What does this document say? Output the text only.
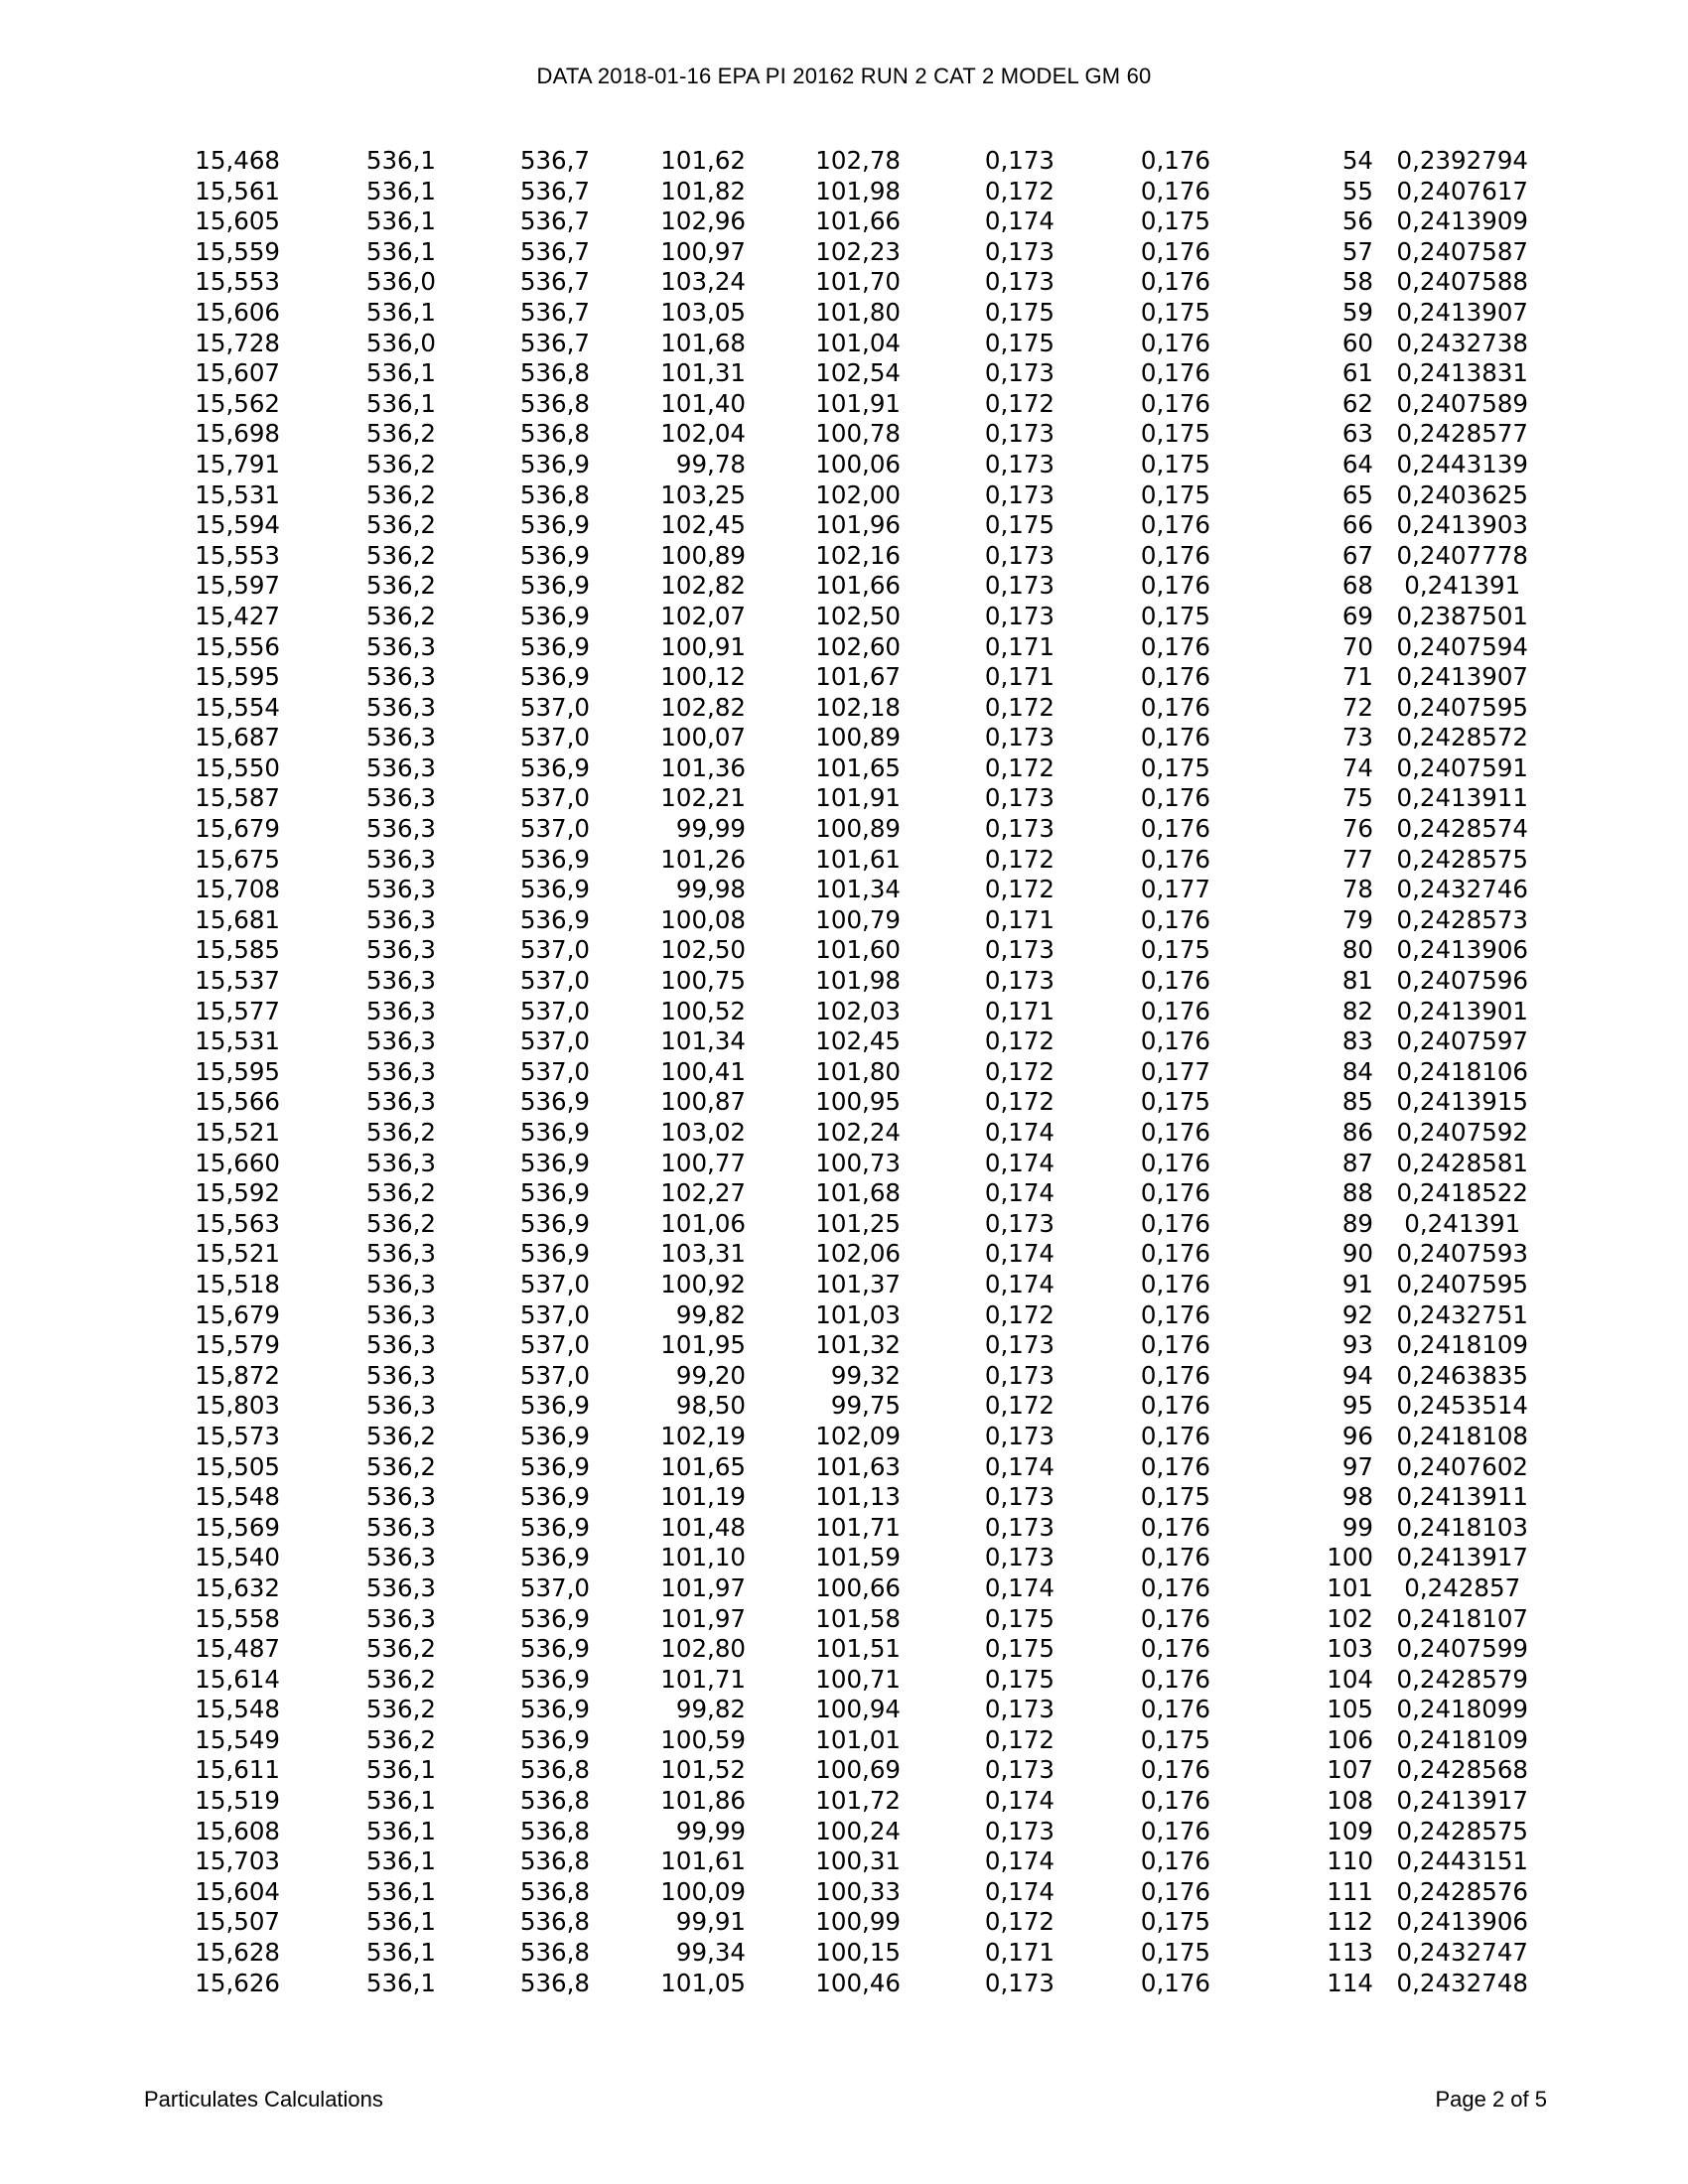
DATA 2018-01-16 EPA PI 20162 RUN 2 CAT 2 MODEL GM 60
15,468	536,1	536,7	101,62	102,78	0,173	0,176	54	0,2392794
15,561	536,1	536,7	101,82	101,98	0,172	0,176	55	0,2407617
15,605	536,1	536,7	102,96	101,66	0,174	0,175	56	0,2413909
15,559	536,1	536,7	100,97	102,23	0,173	0,176	57	0,2407587
15,553	536,0	536,7	103,24	101,70	0,173	0,176	58	0,2407588
15,606	536,1	536,7	103,05	101,80	0,175	0,175	59	0,2413907
15,728	536,0	536,7	101,68	101,04	0,175	0,176	60	0,2432738
15,607	536,1	536,8	101,31	102,54	0,173	0,176	61	0,2413831
15,562	536,1	536,8	101,40	101,91	0,172	0,176	62	0,2407589
15,698	536,2	536,8	102,04	100,78	0,173	0,175	63	0,2428577
15,791	536,2	536,9	99,78	100,06	0,173	0,175	64	0,2443139
15,531	536,2	536,8	103,25	102,00	0,173	0,175	65	0,2403625
15,594	536,2	536,9	102,45	101,96	0,175	0,176	66	0,2413903
15,553	536,2	536,9	100,89	102,16	0,173	0,176	67	0,2407778
15,597	536,2	536,9	102,82	101,66	0,173	0,176	68	0,241391
15,427	536,2	536,9	102,07	102,50	0,173	0,175	69	0,2387501
15,556	536,3	536,9	100,91	102,60	0,171	0,176	70	0,2407594
15,595	536,3	536,9	100,12	101,67	0,171	0,176	71	0,2413907
15,554	536,3	537,0	102,82	102,18	0,172	0,176	72	0,2407595
15,687	536,3	537,0	100,07	100,89	0,173	0,176	73	0,2428572
15,550	536,3	536,9	101,36	101,65	0,172	0,175	74	0,2407591
15,587	536,3	537,0	102,21	101,91	0,173	0,176	75	0,2413911
15,679	536,3	537,0	99,99	100,89	0,173	0,176	76	0,2428574
15,675	536,3	536,9	101,26	101,61	0,172	0,176	77	0,2428575
15,708	536,3	536,9	99,98	101,34	0,172	0,177	78	0,2432746
15,681	536,3	536,9	100,08	100,79	0,171	0,176	79	0,2428573
15,585	536,3	537,0	102,50	101,60	0,173	0,175	80	0,2413906
15,537	536,3	537,0	100,75	101,98	0,173	0,176	81	0,2407596
15,577	536,3	537,0	100,52	102,03	0,171	0,176	82	0,2413901
15,531	536,3	537,0	101,34	102,45	0,172	0,176	83	0,2407597
15,595	536,3	537,0	100,41	101,80	0,172	0,177	84	0,2418106
15,566	536,3	536,9	100,87	100,95	0,172	0,175	85	0,2413915
15,521	536,2	536,9	103,02	102,24	0,174	0,176	86	0,2407592
15,660	536,3	536,9	100,77	100,73	0,174	0,176	87	0,2428581
15,592	536,2	536,9	102,27	101,68	0,174	0,176	88	0,2418522
15,563	536,2	536,9	101,06	101,25	0,173	0,176	89	0,241391
15,521	536,3	536,9	103,31	102,06	0,174	0,176	90	0,2407593
15,518	536,3	537,0	100,92	101,37	0,174	0,176	91	0,2407595
15,679	536,3	537,0	99,82	101,03	0,172	0,176	92	0,2432751
15,579	536,3	537,0	101,95	101,32	0,173	0,176	93	0,2418109
15,872	536,3	537,0	99,20	99,32	0,173	0,176	94	0,2463835
15,803	536,3	536,9	98,50	99,75	0,172	0,176	95	0,2453514
15,573	536,2	536,9	102,19	102,09	0,173	0,176	96	0,2418108
15,505	536,2	536,9	101,65	101,63	0,174	0,176	97	0,2407602
15,548	536,3	536,9	101,19	101,13	0,173	0,175	98	0,2413911
15,569	536,3	536,9	101,48	101,71	0,173	0,176	99	0,2418103
15,540	536,3	536,9	101,10	101,59	0,173	0,176	100	0,2413917
15,632	536,3	537,0	101,97	100,66	0,174	0,176	101	0,242857
15,558	536,3	536,9	101,97	101,58	0,175	0,176	102	0,2418107
15,487	536,2	536,9	102,80	101,51	0,175	0,176	103	0,2407599
15,614	536,2	536,9	101,71	100,71	0,175	0,176	104	0,2428579
15,548	536,2	536,9	99,82	100,94	0,173	0,176	105	0,2418099
15,549	536,2	536,9	100,59	101,01	0,172	0,175	106	0,2418109
15,611	536,1	536,8	101,52	100,69	0,173	0,176	107	0,2428568
15,519	536,1	536,8	101,86	101,72	0,174	0,176	108	0,2413917
15,608	536,1	536,8	99,99	100,24	0,173	0,176	109	0,2428575
15,703	536,1	536,8	101,61	100,31	0,174	0,176	110	0,2443151
15,604	536,1	536,8	100,09	100,33	0,174	0,176	111	0,2428576
15,507	536,1	536,8	99,91	100,99	0,172	0,175	112	0,2413906
15,628	536,1	536,8	99,34	100,15	0,171	0,175	113	0,2432747
15,626	536,1	536,8	101,05	100,46	0,173	0,176	114	0,2432748
Particulates Calculations	Page 2 of 5
